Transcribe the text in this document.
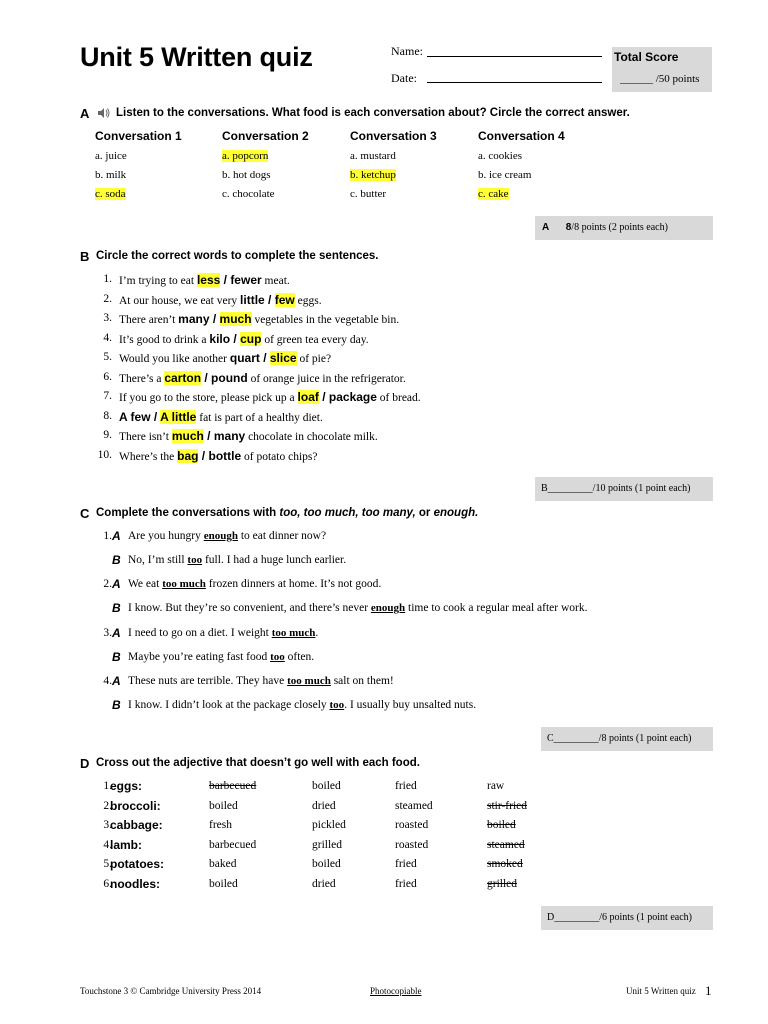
Unit 5 Written quiz	Name:
Date:
Total Score
______ /50 points
A Listen to the conversations. What food is each conversation about? Circle the correct answer.
Conversation 1
a. juice
b. milk
c. soda
Conversation 2
a. popcorn
b. hot dogs
c. chocolate
Conversation 3
a. mustard
b. ketchup
c. butter
Conversation 4
a. cookies
b. ice cream
c. cake
A 8/8 points (2 points each)
B Circle the correct words to complete the sentences.
1. I’m trying to eat less / fewer meat.
2. At our house, we eat very little / few eggs.
3. There aren’t many / much vegetables in the vegetable bin.
4. It’s good to drink a kilo / cup of green tea every day.
5. Would you like another quart / slice of pie?
6. There’s a carton / pound of orange juice in the refrigerator.
7. If you go to the store, please pick up a loaf / package of bread.
8. A few / A little fat is part of a healthy diet.
9. There isn’t much / many chocolate in chocolate milk.
10. Where’s the bag / bottle of potato chips?
B_________/10 points (1 point each)
C Complete the conversations with too, too much, too many, or enough.
1. A Are you hungry enough to eat dinner now?
B No, I’m still too full. I had a huge lunch earlier.
2. A We eat too much frozen dinners at home. It’s not good.
B I know. But they’re so convenient, and there’s never enough time to cook a regular meal after work.
3. A I need to go on a diet. I weight too much.
B Maybe you’re eating fast food too often.
4. A These nuts are terrible. They have too much salt on them!
B I know. I didn’t look at the package closely too. I usually buy unsalted nuts.
C_________/8 points (1 point each)
D Cross out the adjective that doesn’t go well with each food.
1.
eggs:	barbecued	boiled	fried	raw
2.
broccoli:	boiled	dried	steamed	stir-fried
3.
cabbage:	fresh	pickled	roasted	boiled
4.
lamb:	barbecued	grilled	roasted	steamed
5.
potatoes:	baked	boiled	fried	smoked
6.
noodles:	boiled	dried	fried	grilled
D_________/6 points (1 point each)
Touchstone 3 © Cambridge University Press 2014	Photocopiable	Unit 5 Written quiz 1
